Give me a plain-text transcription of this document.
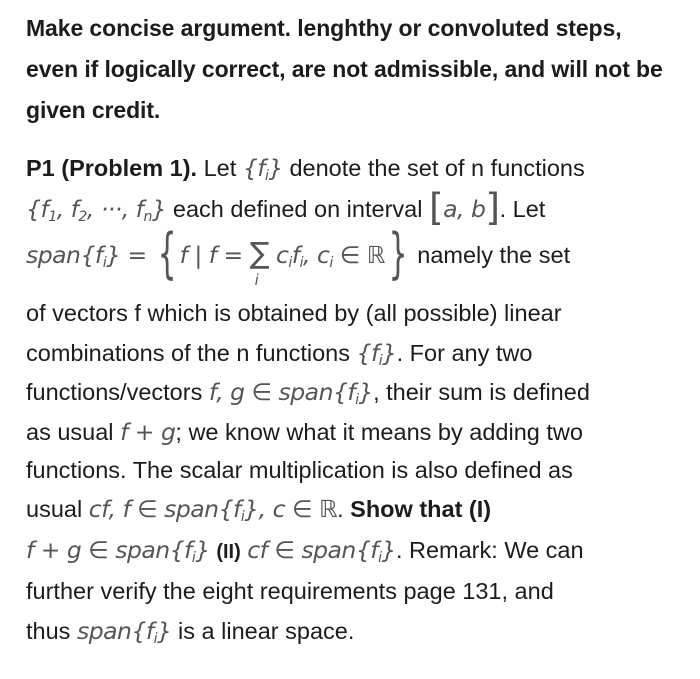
Make concise argument. lenghthy or convoluted steps, even if logically correct, are not admissible, and will not be given credit.
P1 (Problem 1). Let $\{f_i\}$ denote the set of n functions
{$f_1$, $f_2$, ···, $f_n$} each defined on interval [a, b]. Let
$span\{f_i\}$ = { f | f = ∑
i
$c_if_i$, $c_i$ ∈ ℝ} namely the set
of vectors f which is obtained by (all possible) linear
combinations of the n functions $\{f_i\}$. For any two
functions/vectors f, g ∈ $span\{f_i\}$, their sum is defined
as usual f + g; we know what it means by adding two
functions. The scalar multiplication is also defined as
usual cf, f ∈ $span\{f_i\}$, c ∈ ℝ. Show that (I)
f + g ∈ $span\{f_i\}$ (II) cf ∈ $span\{f_i\}$. Remark: We can
further verify the eight requirements page 131, and
thus $span\{f_i\}$ is a linear space.
